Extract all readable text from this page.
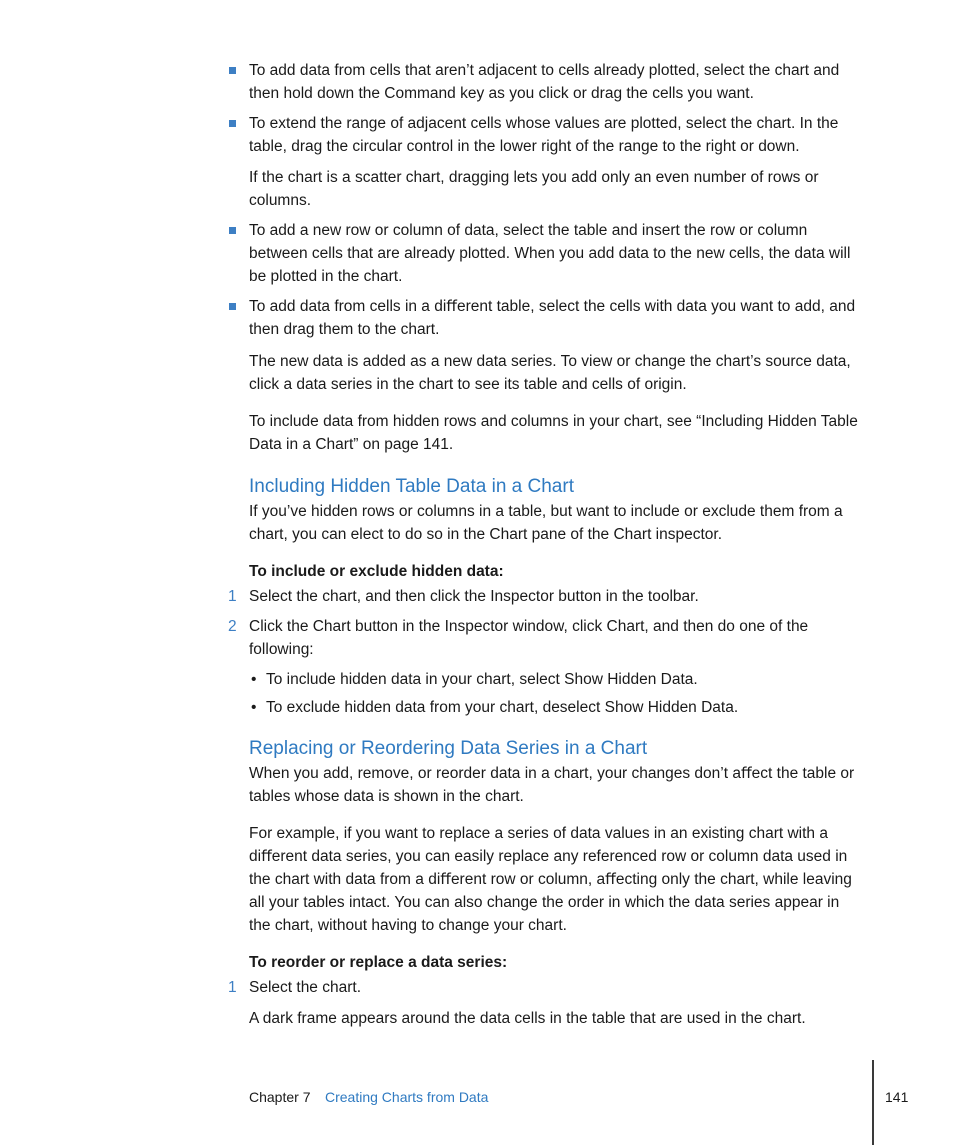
To add data from cells that aren’t adjacent to cells already plotted, select the chart and then hold down the Command key as you click or drag the cells you want.
To extend the range of adjacent cells whose values are plotted, select the chart. In the table, drag the circular control in the lower right of the range to the right or down.
If the chart is a scatter chart, dragging lets you add only an even number of rows or columns.
To add a new row or column of data, select the table and insert the row or column between cells that are already plotted. When you add data to the new cells, the data will be plotted in the chart.
To add data from cells in a diﬀerent table, select the cells with data you want to add, and then drag them to the chart.
The new data is added as a new data series. To view or change the chart’s source data, click a data series in the chart to see its table and cells of origin.
To include data from hidden rows and columns in your chart, see “Including Hidden Table Data in a Chart” on page 141.
Including Hidden Table Data in a Chart
If you’ve hidden rows or columns in a table, but want to include or exclude them from a chart, you can elect to do so in the Chart pane of the Chart inspector.
To include or exclude hidden data:
1 Select the chart, and then click the Inspector button in the toolbar.
2 Click the Chart button in the Inspector window, click Chart, and then do one of the following:
• To include hidden data in your chart, select Show Hidden Data.
• To exclude hidden data from your chart, deselect Show Hidden Data.
Replacing or Reordering Data Series in a Chart
When you add, remove, or reorder data in a chart, your changes don’t aﬀect the table or tables whose data is shown in the chart.
For example, if you want to replace a series of data values in an existing chart with a diﬀerent data series, you can easily replace any referenced row or column data used in the chart with data from a diﬀerent row or column, aﬀecting only the chart, while leaving all your tables intact. You can also change the order in which the data series appear in the chart, without having to change your chart.
To reorder or replace a data series:
1 Select the chart.
A dark frame appears around the data cells in the table that are used in the chart.
Chapter 7 Creating Charts from Data	141
